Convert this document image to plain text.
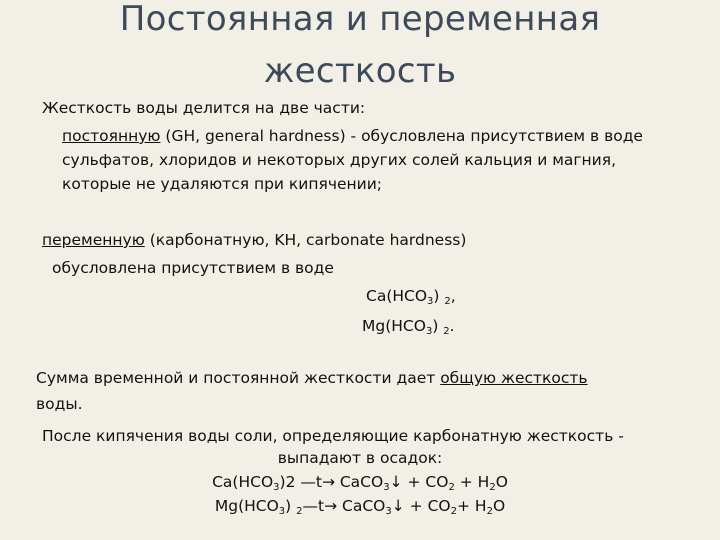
Постоянная и переменная
жесткость
Жесткость воды делится на две части:
постоянную (GH, general hardness) - обусловлена присутствием в воде
сульфатов, хлоридов и некоторых других солей кальция и магния,
которые не удаляются при кипячении;
переменную (карбонатную, KH, carbonate hardness)
обусловлена присутствием в воде
$Ca(HCO_3)$ $_2$,
$Mg(HCO_3)$ $_2$.
Сумма временной и постоянной жесткости дает общую жесткость
воды.
После кипячения воды соли, определяющие карбонатную жесткость -
выпадают в осадок:
$Ca(HCO_3)2$ —t→ CaCO$_3$↓ + $CO_2 + H_2O$
$Mg(HCO_3)$ $_2$—t→ CaCO$_3$↓ + $CO_2+ H_2O$
